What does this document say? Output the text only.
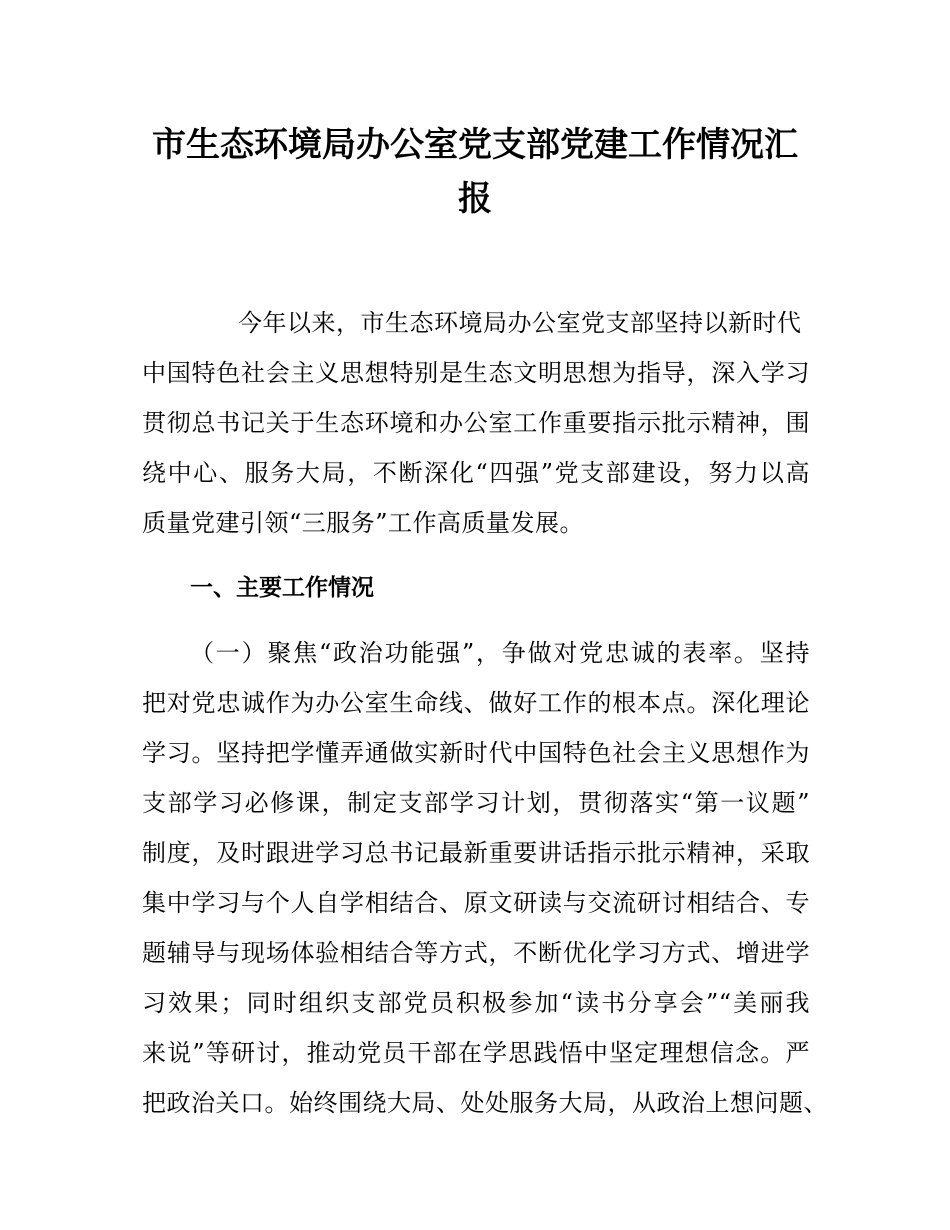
市生态环境局办公室党支部党建工作情况汇
报

今年以来，市生态环境局办公室党支部坚持以新时代

中国特色社会主义思想特别是生态文明思想为指导，深入学习

贯彻总书记关于生态环境和办公室工作重要指示批示精神，围

绕中心、服务大局，不断深化“四强”党支部建设，努力以高

质量党建引领“三服务”工作高质量发展。

一、主要工作情况

（一）聚焦“政治功能强”，争做对党忠诚的表率。坚持

把对党忠诚作为办公室生命线、做好工作的根本点。深化理论

学习。坚持把学懂弄通做实新时代中国特色社会主义思想作为

支部学习必修课，制定支部学习计划，贯彻落实“第一议题”

制度，及时跟进学习总书记最新重要讲话指示批示精神，采取

集中学习与个人自学相结合、原文研读与交流研讨相结合、专

题辅导与现场体验相结合等方式，不断优化学习方式、增进学

习效果；同时组织支部党员积极参加“读书分享会”“美丽我

来说”等研讨，推动党员干部在学思践悟中坚定理想信念。严

把政治关口。始终围绕大局、处处服务大局，从政治上想问题、
